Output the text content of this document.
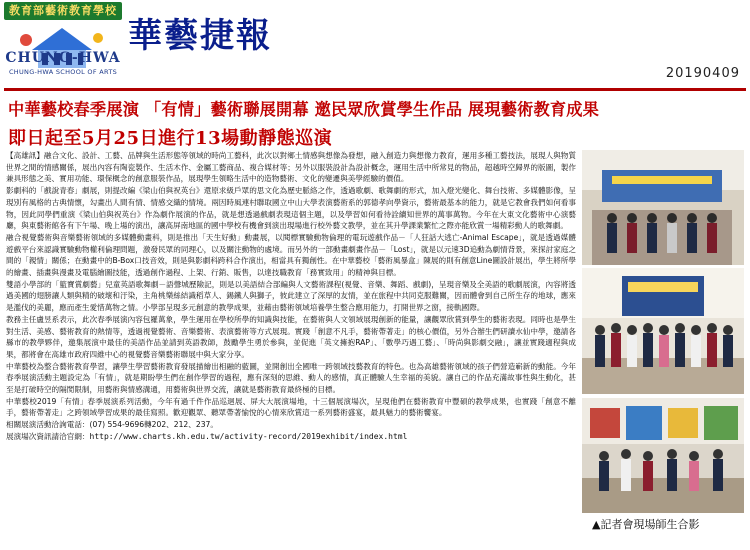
教育部藝術教育學校
CHUNG-HWA
CHUNG-HWA SCHOOL OF ARTS
華藝捷報
20190409
中華藝校春季展演 「有情」藝術聯展開幕 邀民眾欣賞學生作品 展現藝術教育成果
即日起至5月25日進行13場動靜態巡演

【高雄訊】融合文化、設計、工藝、品牌與生活形態等領域的時尚工藝科，此次以對鄉土情感與想像為發想，融入創造力與想像力教育，運用多種工藝技法，展現人與物質世界之間的情感關係，展出內容有陶瓷製作、生活木作、金屬工藝商品、複合媒材等；另外以服裝設計為設計概念，運用生活中所常見的物品，超越時空歸界的版圖，製作兼具形態之美、實用功能、環保概念的創意服裝作品，展現學生領略生活中的造物藝術、文化的變遷與美學經驗的價值。

影劇科的「戲說青春」劇展，則提改編《梁山伯與祝英台》還原求級戶眾的思文化為歷史脈絡之作，透過歌劇、歌舞劇的形式，加入燈光變化、舞台技術、多媒體影像，呈現別有風格的古典情懷，勾畫出人間有情、情感交織的情境。兩因時風連村聯取國立中山大學表演藝術系的郭德孝向學資示，藝術最基本的能力，就是它教會我們如何看事物，因此同學們重演《梁山伯與祝英台》作為劇作展演的作品，就是想透過戲劇表現這個主題，以及學習如何看待詮續知世界的萬事萬物。今年在大東文化藝術中心演藝廳，與東藝術館各有下午場、晚上場的演出，讓高屏南地區的國中學校有機會到演出現場進行校外藝文教學，並在其升學課業繁忙之際亦能欣賞一場精彩動人的歌舞劇。

融合視覺藝術與音樂藝術領域的多媒體動畫科，則是推出「天生好動」動畫展，以閱標實驗動物倫理的電玩遊戲作品－「人狂話大逃亡-Animal Escape」，就是透過媒體遊戲平台來認識實驗動物權利倫理問題，激發民眾的同理心，以及關注動物的處境。而另外的一部動畫劇畫作品－「Lost」，就是以元速3D追動為劇情背景，來探討家庭之間的「親情」關係；在動畫中的B-Box口技音效，則是與影劇科跨科合作演出，相當具有獨創性。在中華藝校「藝術風暴盒」陳展的則有創意Line圖設計展出，學生將所學的繪畫、插畫與漫畫及電腦繪圖技能，透過創作過程、上架、行銷、販售，以達技職教育「務實致用」的精神與目標。

雙語小學部的「籃寶賞劇藝」兒童英語歌舞劇－語聲城歷險記，則是以美語結合部編與人文藝術課程(視覺、音樂、舞蹈、戲劇)，呈現音樂及全美語的歌劇展演，內容將透過美國的翅膀讓人類與精的破壞和汙染，主角桃樂絲結識稻草人、錫鐵人與獅子，彼此建立了深厚的友情，並在旅程中共同克服難關，因而體會到自己所生存的地球，應來是濫伐的美麗，應而產生愛惜萬物之情。小學部呈現多元創意的教學成果，並藉由藝術領域培養學生整合應用能力，打開世界之窗，接軌國際。

教務主任盧昱系表示，此次春季展演內容包羅萬象，學生運用在學校所學的知識與技能，在藝術與人文領域展現創新的能量，讓觀眾欣賞到學生的藝術表現。同時也是學生對生活、美感、藝術教育的熱情等，透過視覺藝術、音樂藝術、表演藝術等方式展現。實踐「創意不凡手，藝術帶著走」的核心價值，另外合辦生們研讀水仙中學，邀請各縣市的教學夥伴，邀集展演中最佳的美語作品並請到英語教師，鼓勵學生勇於參與，並促進「英文擁抱RAP」、「數學巧遇工藝」、「時尚與影劇交融」，讓並實踐適程與成果，都將會在高雄市政府四維中心的視覺藝音樂藝術聯展中與大家分享。

中華藝校為整合藝術教育學習，讓學生學習藝術教育發展描繪出相融的藍圖，並開創出全國唯一跨領域技藝教育的特色。也為高雄藝術領域的孩子們營造嶄新的動能。今年春季展演活動主題設定為「有情」，就是期盼學生們在創作學習的過程，應有深刻的思維、動人的感情，真正體驗人生幸福的美貌。讓自己的作品充滿故事性與生動化，甚至是打破時空的隔閡限制，用藝術與情感溝通，用藝術與世界交流，讓就是藝術教育最終極的目標。

中華藝校2019「有情」春季展演系列活動，今年有過千件作品巡迴展、屏大大展演場地，十三個展演場次，呈現他們在藝術教育中豐碩的教學成果，也實踐「創意不離手，藝術帶著走」之跨領域學習成果的最佳寫照。歡迎觀眾、聽眾帶著愉悅的心情來欣賞這一系列藝術盛宴，最具魅力的藝術饗宴。

相關展演活動洽詢電話：(07) 554-9696轉202、212、237。

展演場次資訊請洽官網：http://www.charts.kh.edu.tw/activity-record/2019exhibit/index.html

▲記者會現場師生合影
